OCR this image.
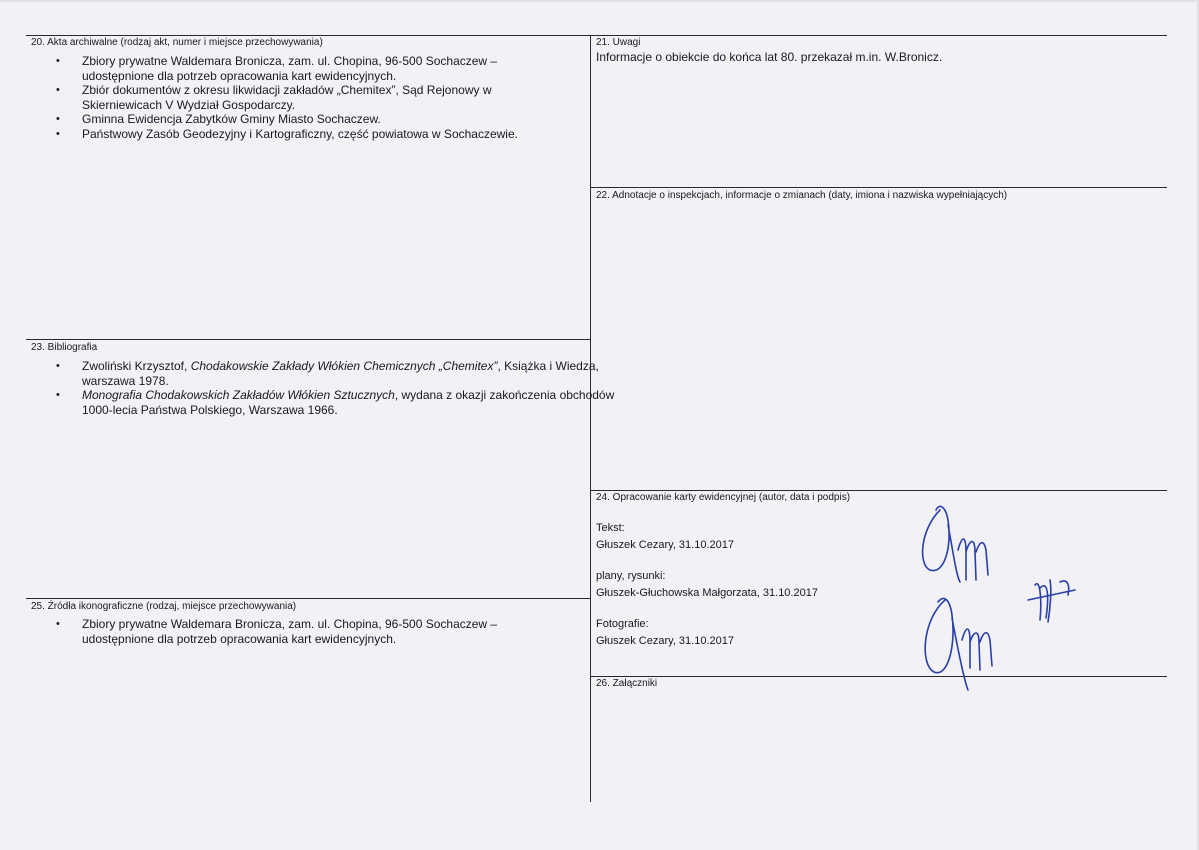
20. Akta archiwalne (rodzaj akt, numer i miejsce przechowywania)
• Zbiory prywatne Waldemara Bronicza, zam. ul. Chopina, 96-500 Sochaczew – udostępnione dla potrzeb opracowania kart ewidencyjnych.
• Zbiór dokumentów z okresu likwidacji zakładów „Chemitex”, Sąd Rejonowy w Skierniewicach V Wydział Gospodarczy.
• Gminna Ewidencja Zabytków Gminy Miasto Sochaczew.
• Państwowy Zasób Geodezyjny i Kartograficzny, część powiatowa w Sochaczewie.
21. Uwagi
Informacje o obiekcie do końca lat 80. przekazał m.in. W.Bronicz.
22. Adnotacje o inspekcjach, informacje o zmianach (daty, imiona i nazwiska wypełniających)
23. Bibliografia
• Zwoliński Krzysztof, Chodakowskie Zakłady Włókien Chemicznych „Chemitex”, Książka i Wiedza, warszawa 1978.
• Monografia Chodakowskich Zakładów Włókien Sztucznych, wydana z okazji zakończenia obchodów 1000-lecia Państwa Polskiego, Warszawa 1966.
24. Opracowanie karty ewidencyjnej (autor, data i podpis)
Tekst:
Głuszek Cezary, 31.10.2017
plany, rysunki:
Głuszek-Głuchowska Małgorzata, 31.10.2017
Fotografie:
Głuszek Cezary, 31.10.2017
25. Źródła ikonograficzne (rodzaj, miejsce przechowywania)
• Zbiory prywatne Waldemara Bronicza, zam. ul. Chopina, 96-500 Sochaczew – udostępnione dla potrzeb opracowania kart ewidencyjnych.
26. Załączniki
